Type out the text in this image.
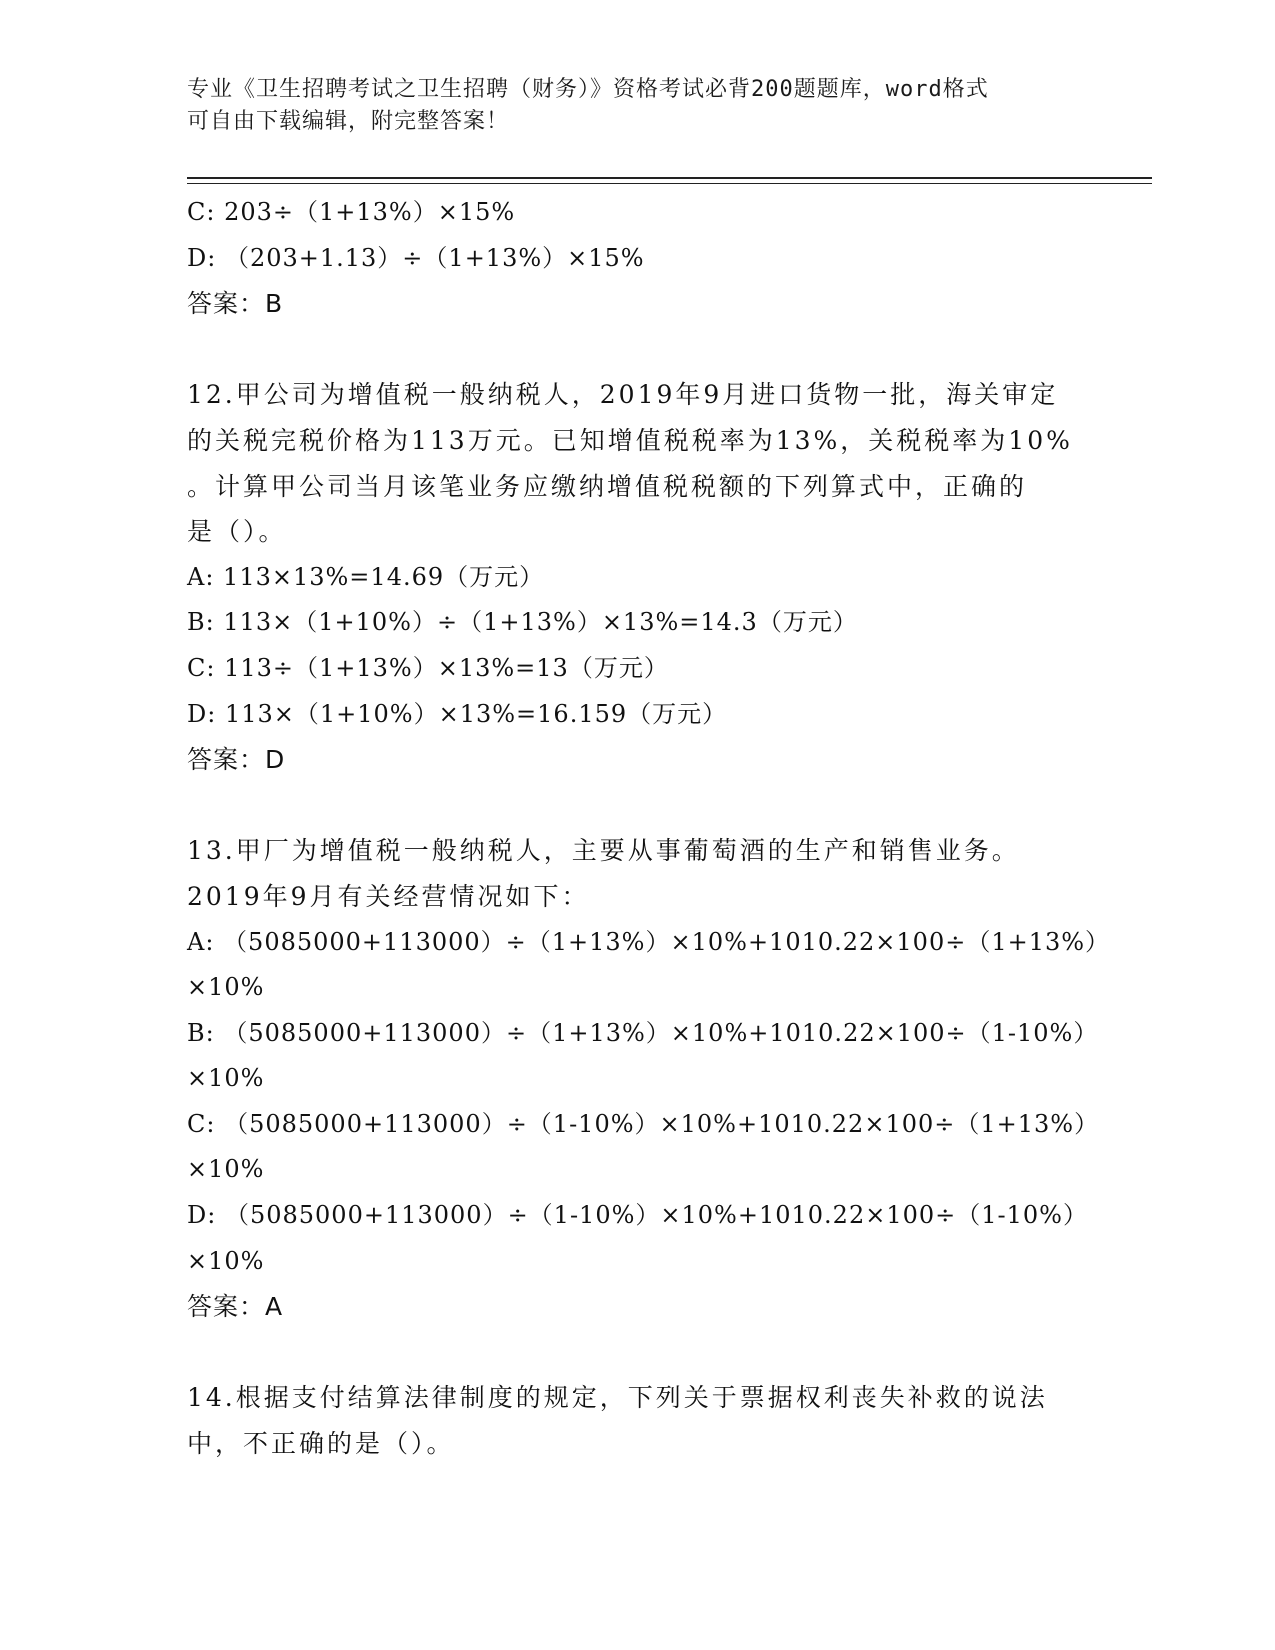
专业《卫生招聘考试之卫生招聘（财务）》资格考试必背200题题库，word格式
可自由下载编辑，附完整答案！
C: 203÷（1+13%）×15%
D: （203+1.13）÷（1+13%）×15%
答案：B
12.甲公司为增值税一般纳税人，2019年9月进口货物一批，海关审定
的关税完税价格为113万元。已知增值税税率为13%，关税税率为10%
。计算甲公司当月该笔业务应缴纳增值税税额的下列算式中，正确的
是（）。
A: 113×13%=14.69（万元）
B: 113×（1+10%）÷（1+13%）×13%=14.3（万元）
C: 113÷（1+13%）×13%=13（万元）
D: 113×（1+10%）×13%=16.159（万元）
答案：D
13.甲厂为增值税一般纳税人，主要从事葡萄酒的生产和销售业务。
2019年9月有关经营情况如下：
A: （5085000+113000）÷（1+13%）×10%+1010.22×100÷（1+13%）
×10%
B: （5085000+113000）÷（1+13%）×10%+1010.22×100÷（1-10%）
×10%
C: （5085000+113000）÷（1-10%）×10%+1010.22×100÷（1+13%）
×10%
D: （5085000+113000）÷（1-10%）×10%+1010.22×100÷（1-10%）
×10%
答案：A
14.根据支付结算法律制度的规定，下列关于票据权利丧失补救的说法
中，不正确的是（）。
